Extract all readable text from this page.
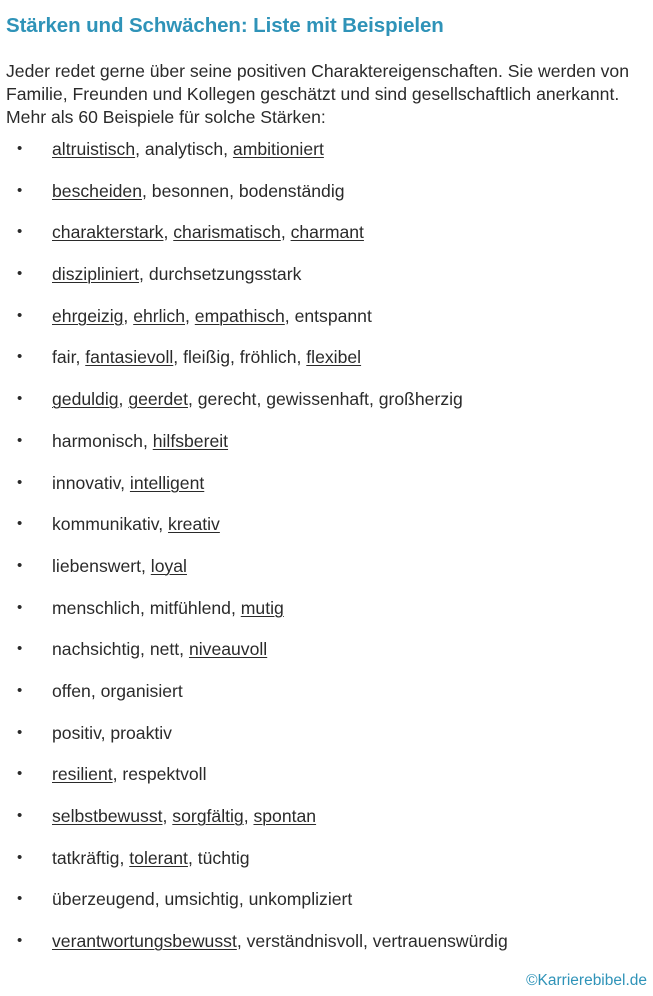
Stärken und Schwächen: Liste mit Beispielen

Jeder redet gerne über seine positiven Charaktereigenschaften. Sie werden von Familie, Freunden und Kollegen geschätzt und sind gesellschaftlich anerkannt. Mehr als 60 Beispiele für solche Stärken:

• altruistisch, analytisch, ambitioniert
• bescheiden, besonnen, bodenständig
• charakterstark, charismatisch, charmant
• diszipliniert, durchsetzungsstark
• ehrgeizig, ehrlich, empathisch, entspannt
• fair, fantasievoll, fleißig, fröhlich, flexibel
• geduldig, geerdet, gerecht, gewissenhaft, großherzig
• harmonisch, hilfsbereit
• innovativ, intelligent
• kommunikativ, kreativ
• liebenswert, loyal
• menschlich, mitfühlend, mutig
• nachsichtig, nett, niveauvoll
• offen, organisiert
• positiv, proaktiv
• resilient, respektvoll
• selbstbewusst, sorgfältig, spontan
• tatkräftig, tolerant, tüchtig
• überzeugend, umsichtig, unkompliziert
• verantwortungsbewusst, verständnisvoll, vertrauenswürdig
©Karrierebibel.de
